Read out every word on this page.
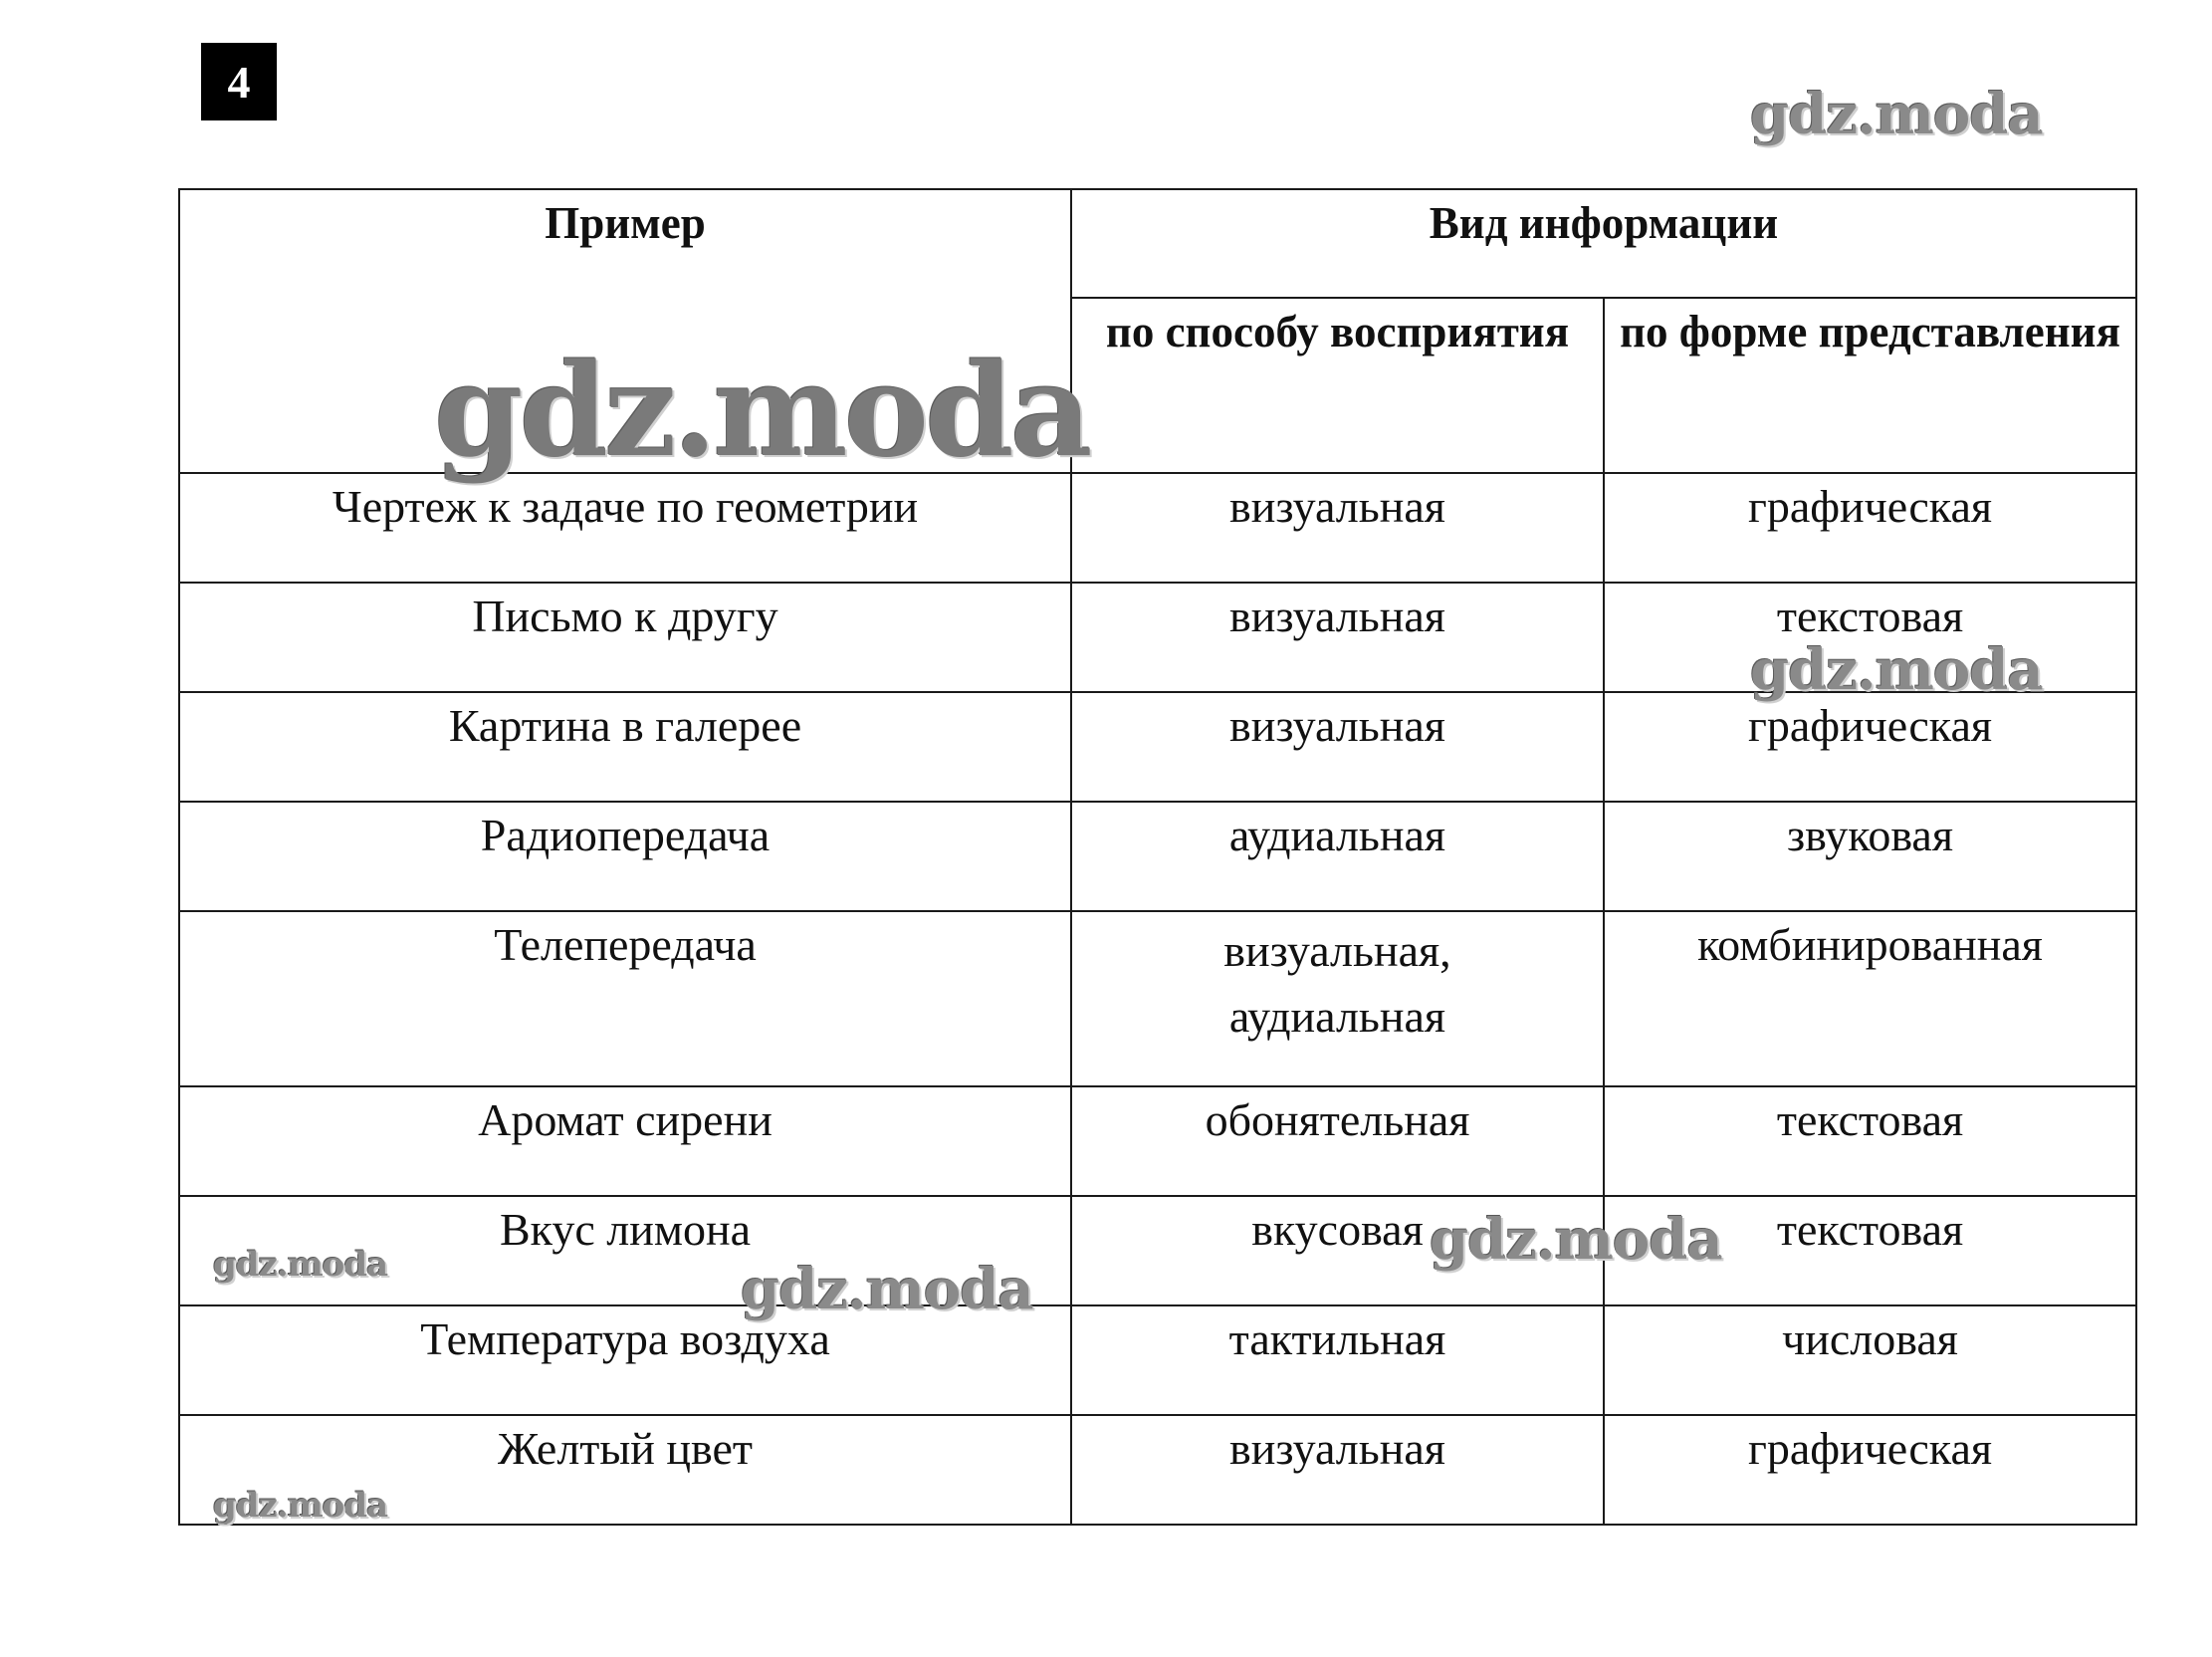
4
Пример	Вид информации	
	по способу восприятия	по форме представления
Чертеж к задаче по геометрии	визуальная	графическая
Письмо к другу	визуальная	текстовая
Картина в галерее	визуальная	графическая
Радиопередача	аудиальная	звуковая
Телепередача	визуальная, аудиальная	комбинированная
Аромат сирени	обонятельная	текстовая
Вкус лимона	вкусовая	текстовая
Температура воздуха	тактильная	числовая
Желтый цвет	визуальная	графическая
gdz.moda
gdz.moda
gdz.moda
gdz.moda
gdz.moda
gdz.moda
gdz.moda
